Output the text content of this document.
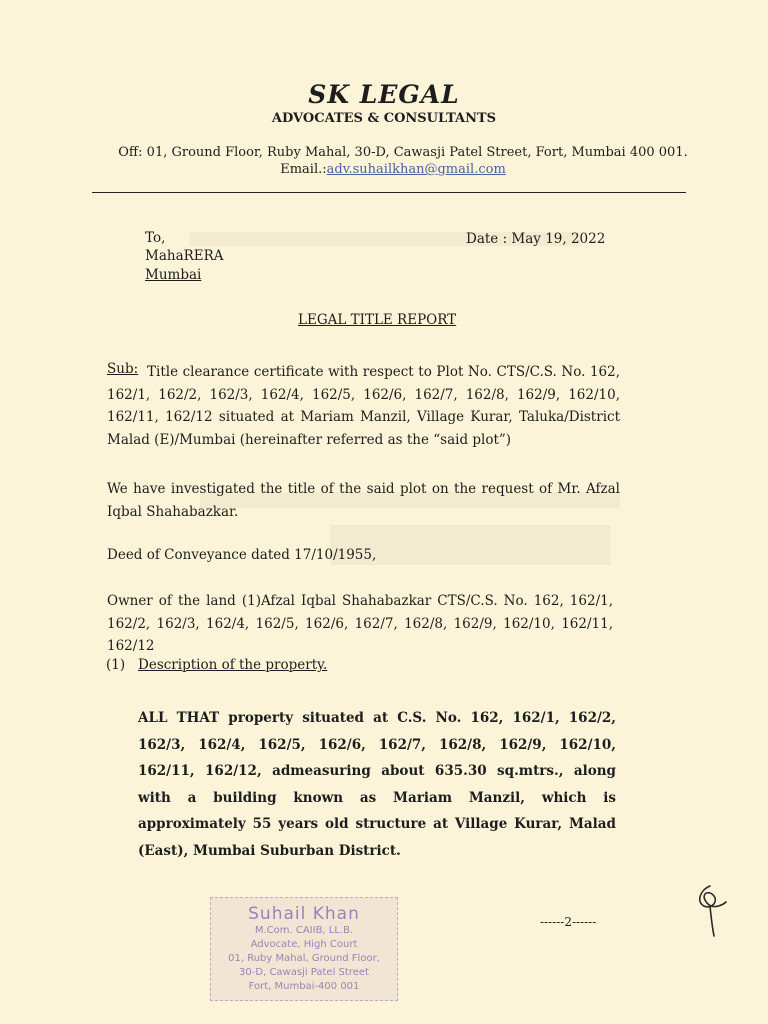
SK LEGAL
ADVOCATES & CONSULTANTS
Off: 01, Ground Floor, Ruby Mahal, 30-D, Cawasji Patel Street, Fort, Mumbai 400 001.
Email.:adv.suhailkhan@gmail.com
To,
MahaRERA
Mumbai
Date : May 19, 2022
LEGAL TITLE REPORT
Sub: Title clearance certificate with respect to Plot No. CTS/C.S. No. 162, 162/1, 162/2, 162/3, 162/4, 162/5, 162/6, 162/7, 162/8, 162/9, 162/10, 162/11, 162/12 situated at Mariam Manzil, Village Kurar, Taluka/District Malad (E)/Mumbai (hereinafter referred as the “said plot”)
We have investigated the title of the said plot on the request of Mr. Afzal Iqbal Shahabazkar.
Deed of Conveyance dated 17/10/1955,
Owner of the land (1)Afzal Iqbal Shahabazkar CTS/C.S. No. 162, 162/1, 162/2, 162/3, 162/4, 162/5, 162/6, 162/7, 162/8, 162/9, 162/10, 162/11, 162/12
(1) Description of the property.
ALL THAT property situated at C.S. No. 162, 162/1, 162/2, 162/3, 162/4, 162/5, 162/6, 162/7, 162/8, 162/9, 162/10, 162/11, 162/12, admeasuring about 635.30 sq.mtrs., along with a building known as Mariam Manzil, which is approximately 55 years old structure at Village Kurar, Malad (East), Mumbai Suburban District.
Suhail Khan
M.Com. CAIIB, LL.B.
Advocate, High Court
01, Ruby Mahal, Ground Floor,
30-D, Cawasji Patel Street
Fort, Mumbai-400 001
------2------
